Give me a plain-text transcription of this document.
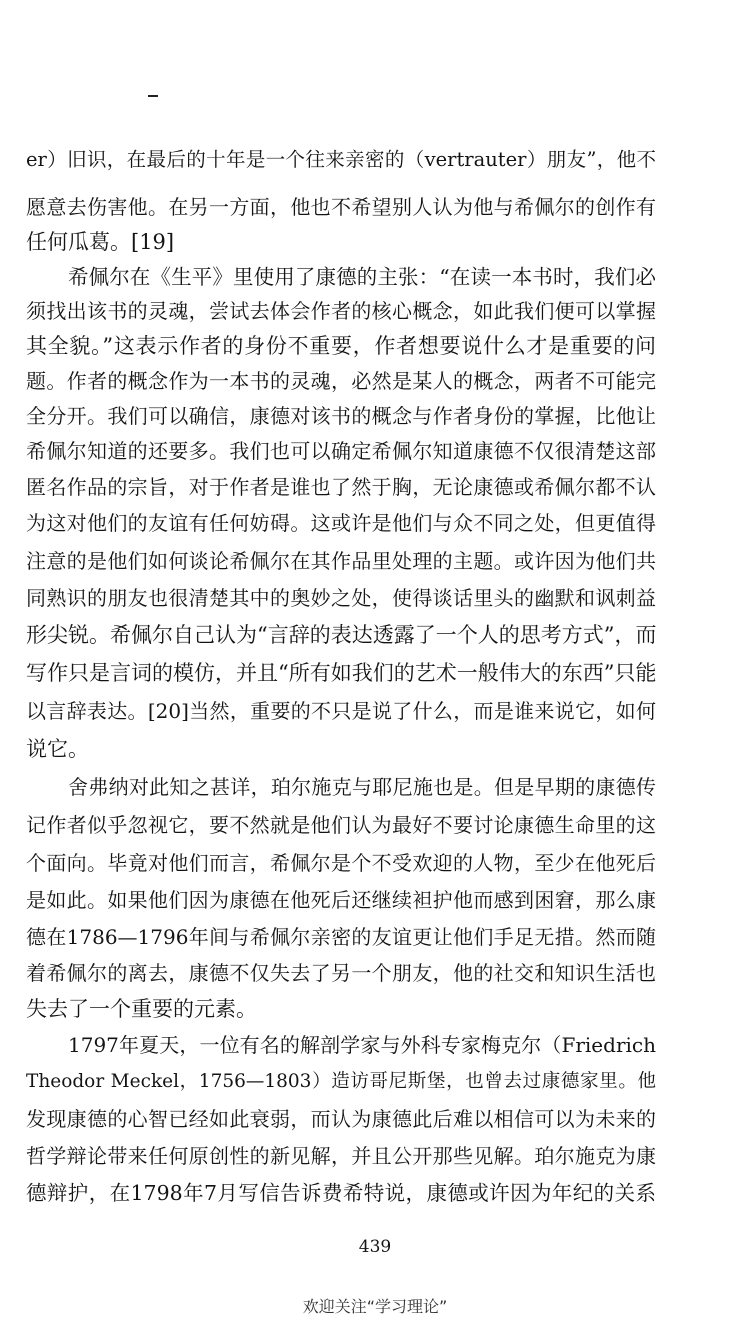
er）旧识，在最后的十年是一个往来亲密的（vertrauter）朋友”，他不
愿意去伤害他。在另一方面，他也不希望别人认为他与希佩尔的创作有
任何瓜葛。[19]
希佩尔在《生平》里使用了康德的主张：“在读一本书时，我们必
须找出该书的灵魂，尝试去体会作者的核心概念，如此我们便可以掌握
其全貌。”这表示作者的身份不重要，作者想要说什么才是重要的问
题。作者的概念作为一本书的灵魂，必然是某人的概念，两者不可能完
全分开。我们可以确信，康德对该书的概念与作者身份的掌握，比他让
希佩尔知道的还要多。我们也可以确定希佩尔知道康德不仅很清楚这部
匿名作品的宗旨，对于作者是谁也了然于胸，无论康德或希佩尔都不认
为这对他们的友谊有任何妨碍。这或许是他们与众不同之处，但更值得
注意的是他们如何谈论希佩尔在其作品里处理的主题。或许因为他们共
同熟识的朋友也很清楚其中的奥妙之处，使得谈话里头的幽默和讽刺益
形尖锐。希佩尔自己认为“言辞的表达透露了一个人的思考方式”，而
写作只是言词的模仿，并且“所有如我们的艺术一般伟大的东西”只能
以言辞表达。[20]当然，重要的不只是说了什么，而是谁来说它，如何
说它。
舍弗纳对此知之甚详，珀尔施克与耶尼施也是。但是早期的康德传
记作者似乎忽视它，要不然就是他们认为最好不要讨论康德生命里的这
个面向。毕竟对他们而言，希佩尔是个不受欢迎的人物，至少在他死后
是如此。如果他们因为康德在他死后还继续袒护他而感到困窘，那么康
德在1786—1796年间与希佩尔亲密的友谊更让他们手足无措。然而随
着希佩尔的离去，康德不仅失去了另一个朋友，他的社交和知识生活也
失去了一个重要的元素。
1797年夏天，一位有名的解剖学家与外科专家梅克尔（Friedrich
Theodor Meckel，1756—1803）造访哥尼斯堡，也曾去过康德家里。他
发现康德的心智已经如此衰弱，而认为康德此后难以相信可以为未来的
哲学辩论带来任何原创性的新见解，并且公开那些见解。珀尔施克为康
德辩护，在1798年7月写信告诉费希特说，康德或许因为年纪的关系
439
欢迎关注“学习理论”
